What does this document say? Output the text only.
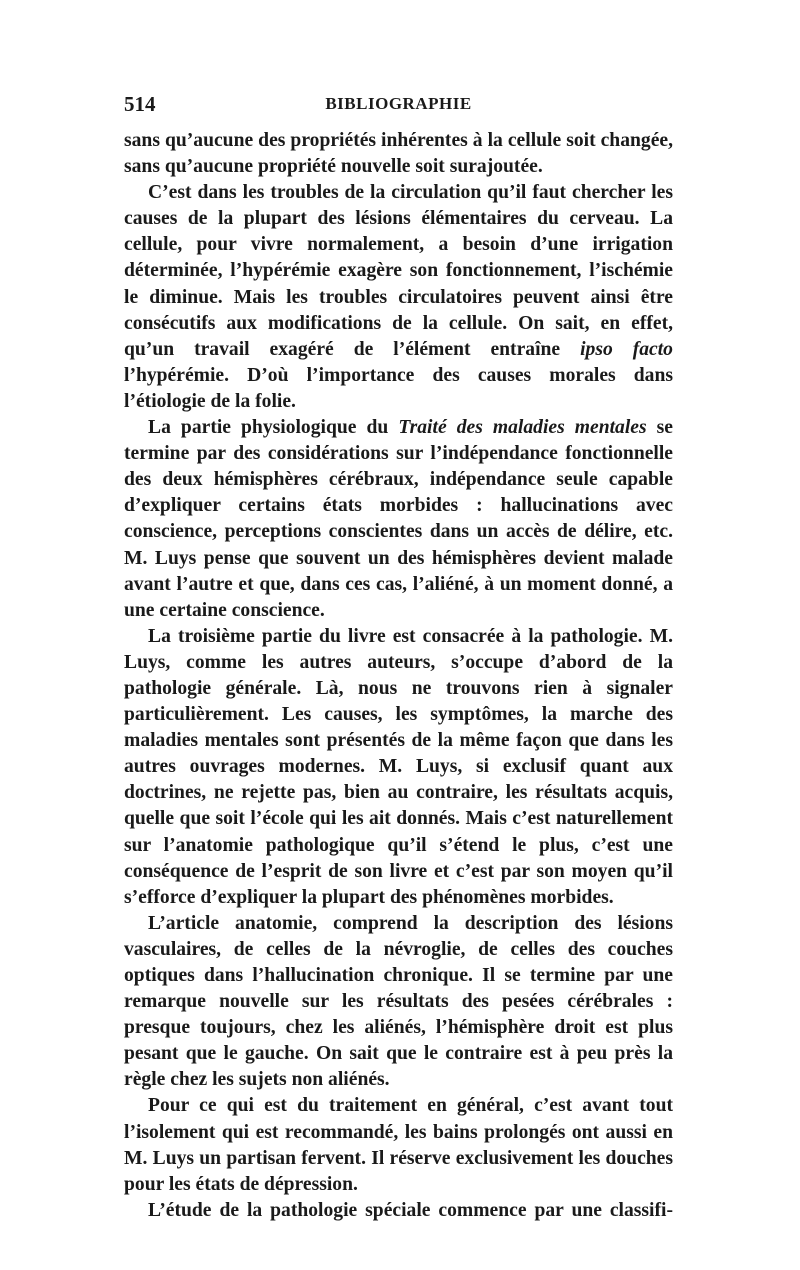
514	BIBLIOGRAPHIE

sans qu’aucune des propriétés inhérentes à la cellule soit changée, sans qu’aucune propriété nouvelle soit surajoutée.

C’est dans les troubles de la circulation qu’il faut chercher les causes de la plupart des lésions élémentaires du cerveau. La cellule, pour vivre normalement, a besoin d’une irrigation déterminée, l’hypérémie exagère son fonctionnement, l’ischémie le diminue. Mais les troubles circulatoires peuvent ainsi être consécutifs aux modifications de la cellule. On sait, en effet, qu’un travail exagéré de l’élément entraîne ipso facto l’hypérémie. D’où l’importance des causes morales dans l’étiologie de la folie.

La partie physiologique du Traité des maladies mentales se termine par des considérations sur l’indépendance fonctionnelle des deux hémisphères cérébraux, indépendance seule capable d’expliquer certains états morbides : hallucinations avec conscience, perceptions conscientes dans un accès de délire, etc. M. Luys pense que souvent un des hémisphères devient malade avant l’autre et que, dans ces cas, l’aliéné, à un moment donné, a une certaine conscience.

La troisième partie du livre est consacrée à la pathologie. M. Luys, comme les autres auteurs, s’occupe d’abord de la pathologie générale. Là, nous ne trouvons rien à signaler particulièrement. Les causes, les symptômes, la marche des maladies mentales sont présentés de la même façon que dans les autres ouvrages modernes. M. Luys, si exclusif quant aux doctrines, ne rejette pas, bien au contraire, les résultats acquis, quelle que soit l’école qui les ait donnés. Mais c’est naturellement sur l’anatomie pathologique qu’il s’étend le plus, c’est une conséquence de l’esprit de son livre et c’est par son moyen qu’il s’efforce d’expliquer la plupart des phénomènes morbides.

L’article anatomie, comprend la description des lésions vasculaires, de celles de la névroglie, de celles des couches optiques dans l’hallucination chronique. Il se termine par une remarque nouvelle sur les résultats des pesées cérébrales : presque toujours, chez les aliénés, l’hémisphère droit est plus pesant que le gauche. On sait que le contraire est à peu près la règle chez les sujets non aliénés.

Pour ce qui est du traitement en général, c’est avant tout l’isolement qui est recommandé, les bains prolongés ont aussi en M. Luys un partisan fervent. Il réserve exclusivement les douches pour les états de dépression.

L’étude de la pathologie spéciale commence par une classifi-
